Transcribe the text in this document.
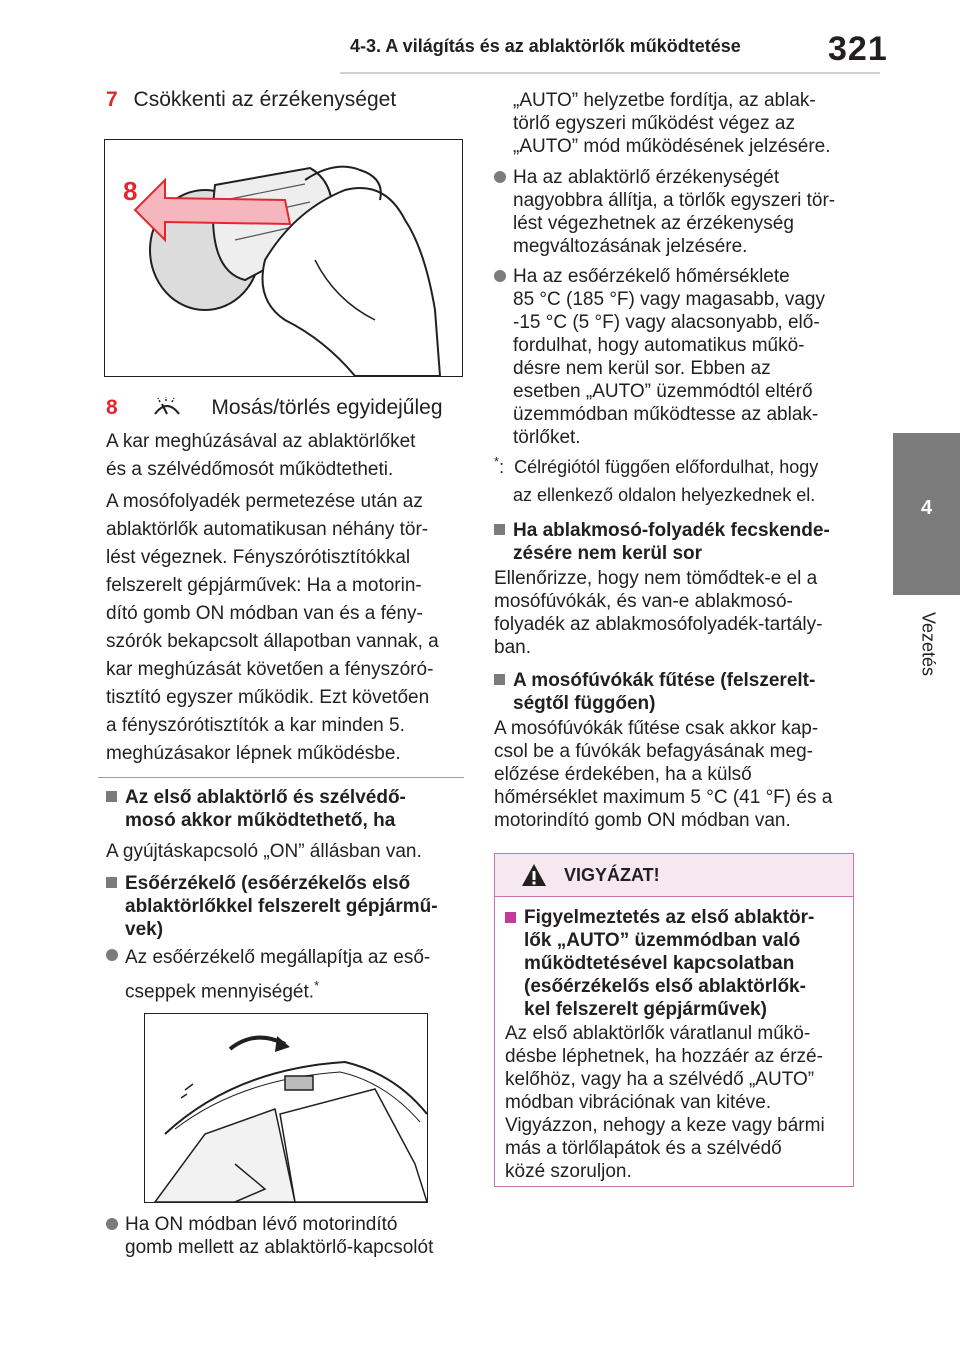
4-3. A világítás és az ablaktörlők működtetése	321
4
Vezetés
7 Csökkenti az érzékenységet
8
8	Mosás/törlés egyidejűleg
A kar meghúzásával az ablaktörlőket
és a szélvédőmosót működtetheti.
A mosófolyadék permetezése után az
ablaktörlők automatikusan néhány tör-
lést végeznek. Fényszórótisztítókkal
felszerelt gépjárművek: Ha a motorin-
dító gomb ON módban van és a fény-
szórók bekapcsolt állapotban vannak, a
kar meghúzását követően a fényszóró-
tisztító egyszer működik. Ezt követően
a fényszórótisztítók a kar minden 5.
meghúzásakor lépnek működésbe.
Az első ablaktörlő és szélvédő-
mosó akkor működtethető, ha
A gyújtáskapcsoló „ON” állásban van.
Esőérzékelő (esőérzékelős első
ablaktörlőkkel felszerelt gépjármű-
vek)
Az esőérzékelő megállapítja az eső-
cseppek mennyiségét.*
Ha ON módban lévő motorindító
gomb mellett az ablaktörlő-kapcsolót
„AUTO” helyzetbe fordítja, az ablak-
törlő egyszeri működést végez az
„AUTO” mód működésének jelzésére.
Ha az ablaktörlő érzékenységét
nagyobbra állítja, a törlők egyszeri tör-
lést végezhetnek az érzékenység
megváltozásának jelzésére.
Ha az esőérzékelő hőmérséklete
85 °C (185 °F) vagy magasabb, vagy
-15 °C (5 °F) vagy alacsonyabb, elő-
fordulhat, hogy automatikus műkö-
désre nem kerül sor. Ebben az
esetben „AUTO” üzemmódtól eltérő
üzemmódban működtesse az ablak-
törlőket.
*: Célrégiótól függően előfordulhat, hogy
az ellenkező oldalon helyezkednek el.
Ha ablakmosó-folyadék fecskende-
zésére nem kerül sor
Ellenőrizze, hogy nem tömődtek-e el a
mosófúvókák, és van-e ablakmosó-
folyadék az ablakmosófolyadék-tartály-
ban.
A mosófúvókák fűtése (felszerelt-
ségtől függően)
A mosófúvókák fűtése csak akkor kap-
csol be a fúvókák befagyásának meg-
előzése érdekében, ha a külső
hőmérséklet maximum 5 °C (41 °F) és a
motorindító gomb ON módban van.
VIGYÁZAT!
Figyelmeztetés az első ablaktör-
lők „AUTO” üzemmódban való
működtetésével kapcsolatban
(esőérzékelős első ablaktörlők-
kel felszerelt gépjárművek)
Az első ablaktörlők váratlanul műkö-
désbe léphetnek, ha hozzáér az érzé-
kelőhöz, vagy ha a szélvédő „AUTO”
módban vibrációnak van kitéve.
Vigyázzon, nehogy a keze vagy bármi
más a törlőlapátok és a szélvédő
közé szoruljon.
